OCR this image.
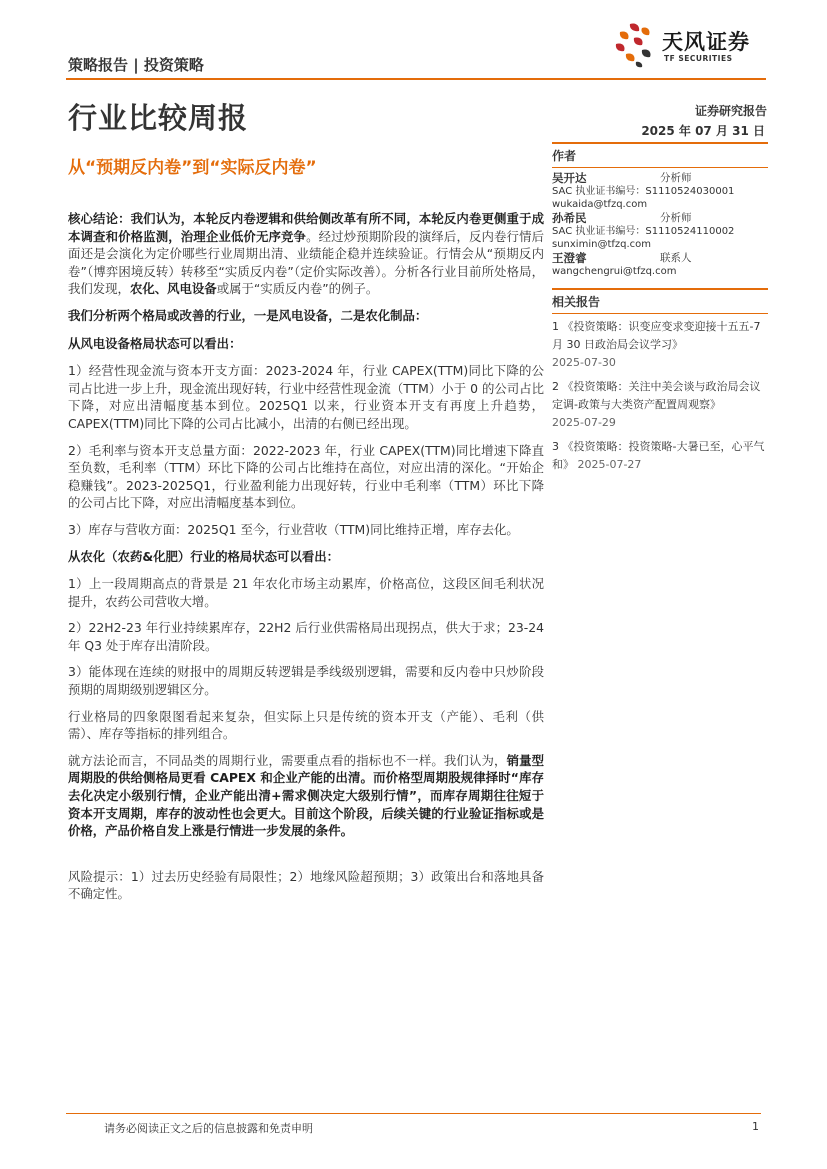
策略报告 | 投资策略
天风证券
TF SECURITIES
行业比较周报
从“预期反内卷”到“实际反内卷”
证券研究报告
2025 年 07 月 31 日

核心结论：我们认为，本轮反内卷逻辑和供给侧改革有所不同，本轮反内卷更侧重于成本调查和价格监测，治理企业低价无序竞争。经过炒预期阶段的演绎后，反内卷行情后面还是会演化为定价哪些行业周期出清、业绩能企稳并连续验证。行情会从“预期反内卷”（博弈困境反转）转移至“实质反内卷”（定价实际改善）。分析各行业目前所处格局，我们发现，农化、风电设备或属于“实质反内卷”的例子。

我们分析两个格局或改善的行业，一是风电设备，二是农化制品：

从风电设备格局状态可以看出：

1）经营性现金流与资本开支方面：2023-2024 年，行业 CAPEX(TTM)同比下降的公司占比进一步上升，现金流出现好转，行业中经营性现金流（TTM）小于 0 的公司占比下降，对应出清幅度基本到位。2025Q1 以来，行业资本开支有再度上升趋势，CAPEX(TTM)同比下降的公司占比减小，出清的右侧已经出现。

2）毛利率与资本开支总量方面：2022-2023 年，行业 CAPEX(TTM)同比增速下降直至负数，毛利率（TTM）环比下降的公司占比维持在高位，对应出清的深化。“开始企稳赚钱”。2023-2025Q1，行业盈利能力出现好转，行业中毛利率（TTM）环比下降的公司占比下降，对应出清幅度基本到位。

3）库存与营收方面：2025Q1 至今，行业营收（TTM)同比维持正增，库存去化。

从农化（农药&化肥）行业的格局状态可以看出：

1）上一段周期高点的背景是 21 年农化市场主动累库，价格高位，这段区间毛利状况提升，农药公司营收大增。

2）22H2-23 年行业持续累库存，22H2 后行业供需格局出现拐点，供大于求；23-24 年 Q3 处于库存出清阶段。

3）能体现在连续的财报中的周期反转逻辑是季线级别逻辑，需要和反内卷中只炒阶段预期的周期级别逻辑区分。

行业格局的四象限图看起来复杂，但实际上只是传统的资本开支（产能）、毛利（供需）、库存等指标的排列组合。

就方法论而言，不同品类的周期行业，需要重点看的指标也不一样。我们认为，销量型周期股的供给侧格局更看 CAPEX 和企业产能的出清。而价格型周期股规律择时“库存去化决定小级别行情，企业产能出清+需求侧决定大级别行情”，而库存周期往往短于资本开支周期，库存的波动性也会更大。目前这个阶段，后续关键的行业验证指标或是价格，产品价格自发上涨是行情进一步发展的条件。

风险提示：1）过去历史经验有局限性；2）地缘风险超预期；3）政策出台和落地具备不确定性。

作者
吴开达	分析师
SAC 执业证书编号：S1110524030001
wukaida@tfzq.com
孙希民	分析师
SAC 执业证书编号：S1110524110002
sunximin@tfzq.com
王澄睿	联系人
wangchengrui@tfzq.com
相关报告
1 《投资策略：识变应变求变迎接十五五-7 月 30 日政治局会议学习》
2025-07-30
2 《投资策略：关注中美会谈与政治局会议定调-政策与大类资产配置周观察》
2025-07-29
3 《投资策略：投资策略-大暑已至，心平气和》 2025-07-27
请务必阅读正文之后的信息披露和免责申明	1
